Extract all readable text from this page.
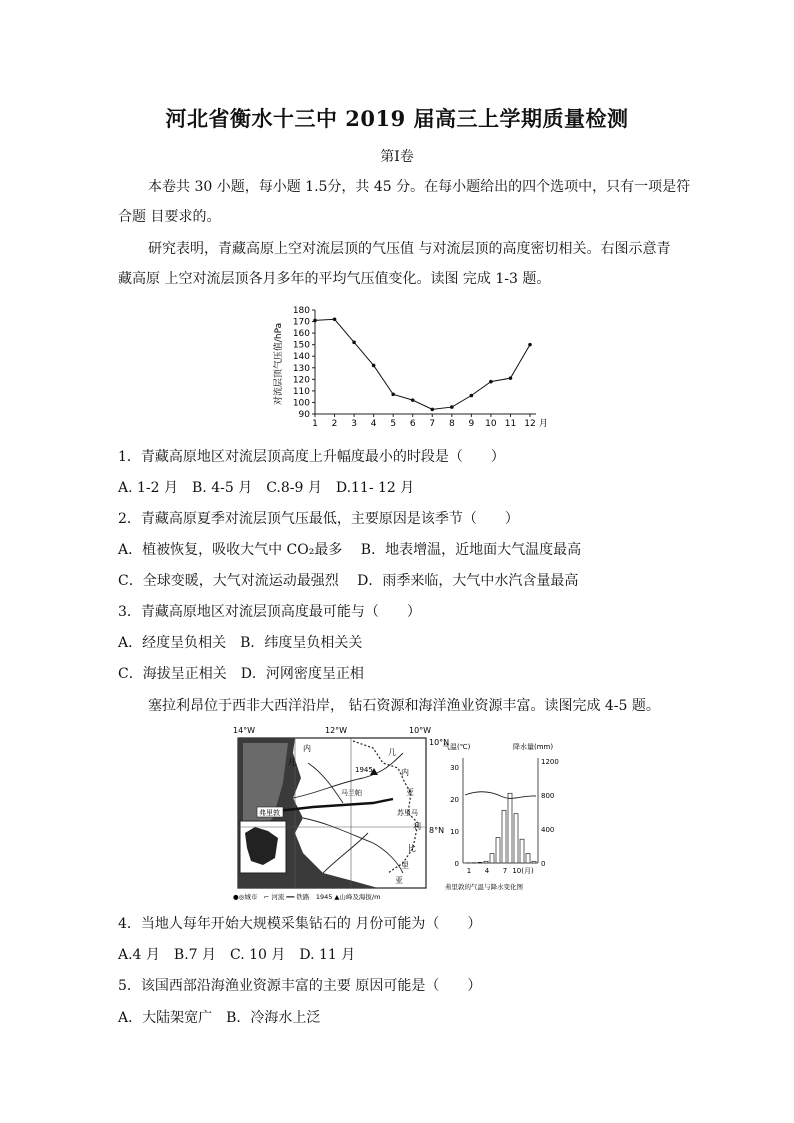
河北省衡水十三中 2019 届高三上学期质量检测
第Ⅰ卷
本卷共 30 小题，每小题 1.5分，共 45 分。在每小题给出的四个选项中，只有一项是符
合题 目要求的。
研究表明，青藏高原上空对流层顶的气压值 与对流层顶的高度密切相关。右图示意青
藏高原 上空对流层顶各月多年的平均气压值变化。读图 完成 1-3 题。
对流层顶气压值/hPa
90
100
110
120
130
140
150
160
170
180
1 2 3 4 5 6 7 8 9 10 11 12 月
1．青藏高原地区对流层顶高度上升幅度最小的时段是（　　）
A. 1-2 月　B. 4-5 月　C.8-9 月　D.11- 12 月
2．青藏高原夏季对流层顶气压最低，主要原因是该季节（　　）
A．植被恢复，吸收大气中 CO₂最多　 B．地表增温，近地面大气温度最高
C．全球变暖，大气对流运动最强烈　 D．雨季来临，大气中水汽含量最高
3．青藏高原地区对流层顶高度最可能与（　　）
A．经度呈负相关　B．纬度呈负相关关
C．海拔呈正相关　D．河网密度呈正相
塞拉利昂位于西非大西洋沿岸， 钻石资源和海洋渔业资源丰富。读图完成 4-5 题。
14°W	12°W	10°W
10°N
8°N
内
几
几
内
亚
马兰帕
弗里敦	苏里马
利
比
里
亚
1945
●◎城市　⌐ 河流 ━━ 铁路　1945 ▲山峰及海拔/m
气温(℃)	降水量(mm)
0
10
20
30
0
400
800
1200
1 4 7 10(月)
弗里敦的气温与降水变化图
4．当地人每年开始大规模采集钻石的 月份可能为（　　）
A.4 月　B.7 月　C. 10 月　D. 11 月
5．该国西部沿海渔业资源丰富的主要 原因可能是（　　）
A．大陆架宽广　B．冷海水上泛
